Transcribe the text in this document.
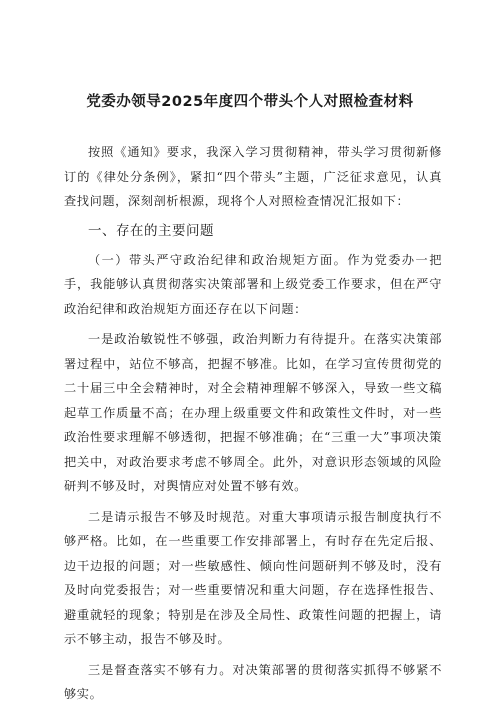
党委办领导2025年度四个带头个人对照检查材料

按照《通知》要求，我深入学习贯彻精神，带头学习贯彻新修订的《律处分条例》，紧扣“四个带头”主题，广泛征求意见，认真查找问题，深刻剖析根源，现将个人对照检查情况汇报如下：

一、存在的主要问题

（一）带头严守政治纪律和政治规矩方面。作为党委办一把手，我能够认真贯彻落实决策部署和上级党委工作要求，但在严守政治纪律和政治规矩方面还存在以下问题：

一是政治敏锐性不够强，政治判断力有待提升。在落实决策部署过程中，站位不够高，把握不够准。比如，在学习宣传贯彻党的二十届三中全会精神时，对全会精神理解不够深入，导致一些文稿起草工作质量不高；在办理上级重要文件和政策性文件时，对一些政治性要求理解不够透彻，把握不够准确；在“三重一大”事项决策把关中，对政治要求考虑不够周全。此外，对意识形态领域的风险研判不够及时，对舆情应对处置不够有效。

二是请示报告不够及时规范。对重大事项请示报告制度执行不够严格。比如，在一些重要工作安排部署上，有时存在先定后报、边干边报的问题；对一些敏感性、倾向性问题研判不够及时，没有及时向党委报告；对一些重要情况和重大问题，存在选择性报告、避重就轻的现象；特别是在涉及全局性、政策性问题的把握上，请示不够主动，报告不够及时。

三是督查落实不够有力。对决策部署的贯彻落实抓得不够紧不够实。
